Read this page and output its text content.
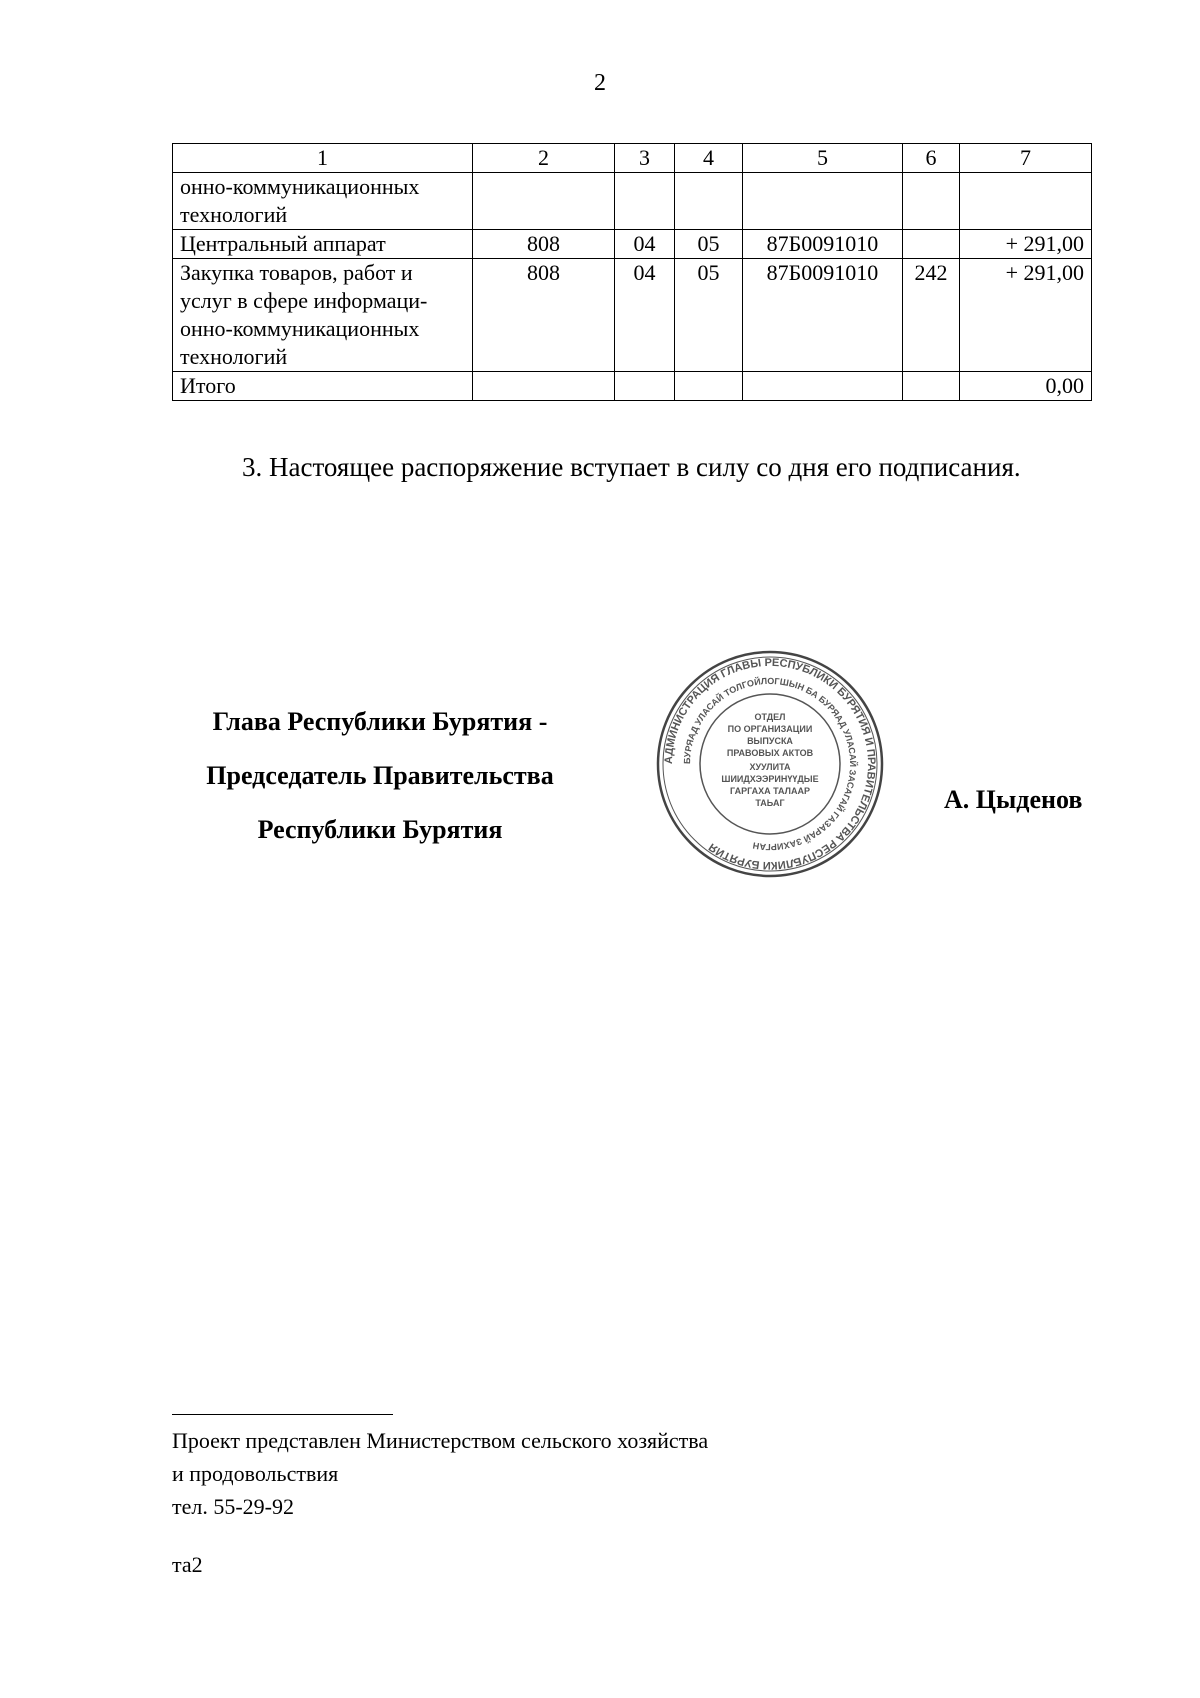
2
1	2	3	4	5	6	7
онно-коммуникационных
технологий						
Центральный аппарат	808	04	05	87Б0091010		+ 291,00
Закупка товаров, работ и
услуг в сфере информаци-
онно-коммуникационных
технологий	808	04	05	87Б0091010	242	+ 291,00
Итого						0,00
3. Настоящее распоряжение вступает в силу со дня его подписания.
Глава Республики Бурятия -
Председатель Правительства
Республики Бурятия
АДМИНИСТРАЦИЯ ГЛАВЫ РЕСПУБЛИКИ БУРЯТИЯ И ПРАВИТЕЛЬСТВА РЕСПУБЛИКИ БУРЯТИЯ
БУРЯАД УЛАСАЙ ТОЛГОЙЛОГШЫН БА БУРЯАД УЛАСАЙ ЗАСАГАЙ ГАЗАРАЙ ЗАХИРГАН
ОТДЕЛ
ПО ОРГАНИЗАЦИИ
ВЫПУСКА
ПРАВОВЫХ АКТОВ
ХУУЛИТА
ШИИДХЭЭРИНҮҮДЫЕ
ГАРГАХА ТАЛААР
ТАЬАГ	А. Цыденов
Проект представлен Министерством сельского хозяйства
и продовольствия
тел. 55-29-92
та2
